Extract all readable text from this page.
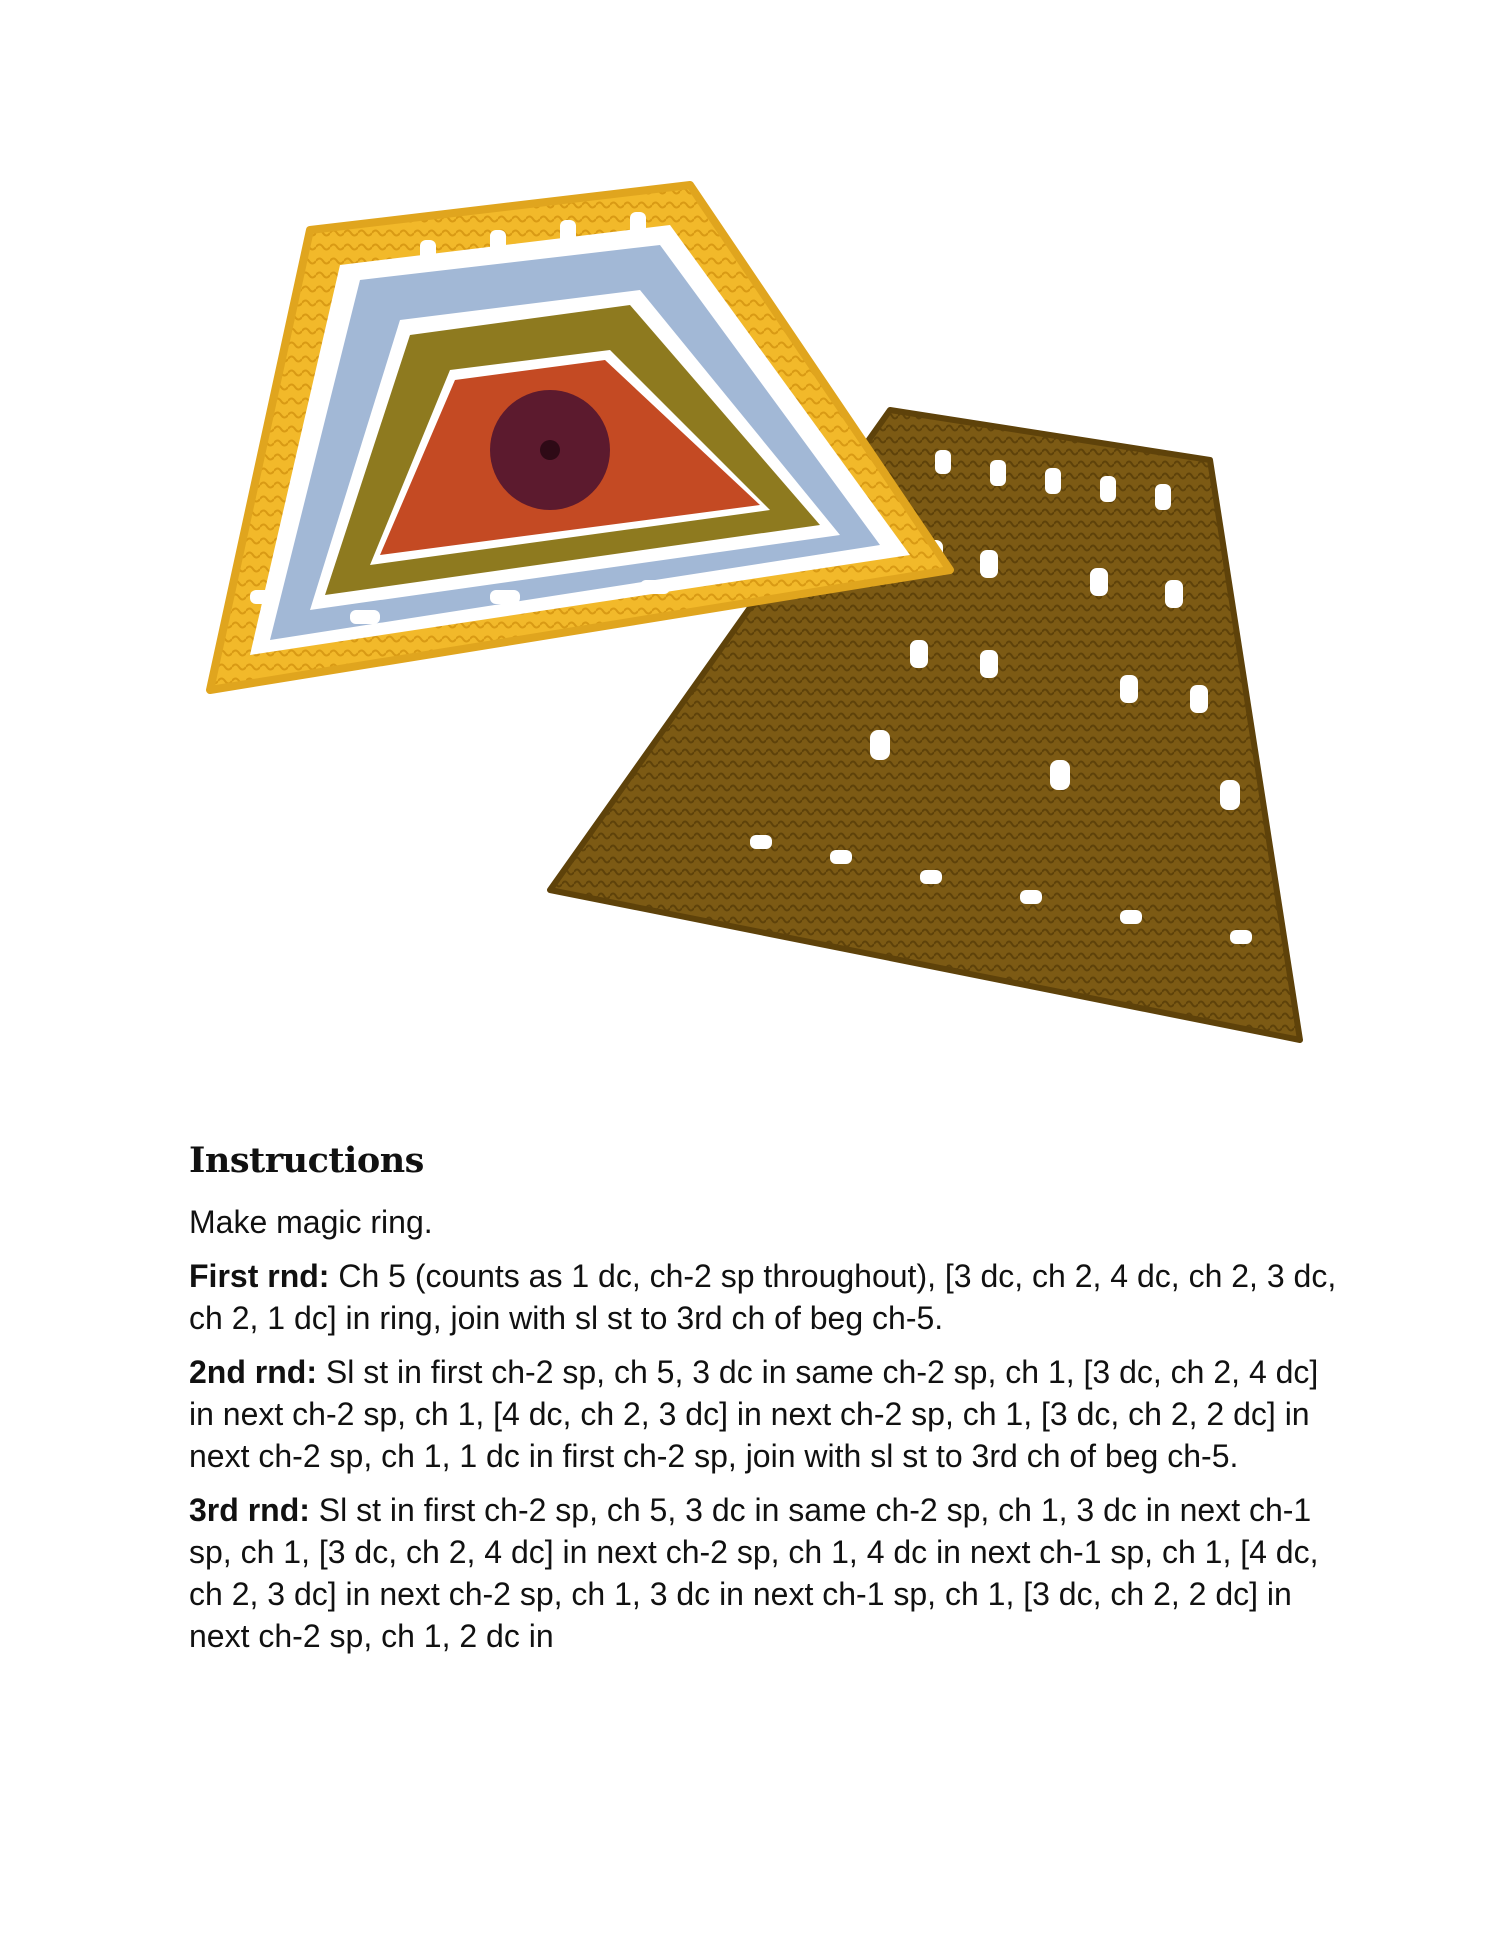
Instructions

Make magic ring.

First rnd: Ch 5 (counts as 1 dc, ch-2 sp throughout), [3 dc, ch 2, 4 dc, ch 2, 3 dc, ch 2, 1 dc] in ring, join with sl st to 3rd ch of beg ch-5.

2nd rnd: Sl st in first ch-2 sp, ch 5, 3 dc in same ch-2 sp, ch 1, [3 dc, ch 2, 4 dc] in next ch-2 sp, ch 1, [4 dc, ch 2, 3 dc] in next ch-2 sp, ch 1, [3 dc, ch 2, 2 dc] in next ch-2 sp, ch 1, 1 dc in first ch-2 sp, join with sl st to 3rd ch of beg ch-5.

3rd rnd: Sl st in first ch-2 sp, ch 5, 3 dc in same ch-2 sp, ch 1, 3 dc in next ch-1 sp, ch 1, [3 dc, ch 2, 4 dc] in next ch-2 sp, ch 1, 4 dc in next ch-1 sp, ch 1, [4 dc, ch 2, 3 dc] in next ch-2 sp, ch 1, 3 dc in next ch-1 sp, ch 1, [3 dc, ch 2, 2 dc] in next ch-2 sp, ch 1, 2 dc in
